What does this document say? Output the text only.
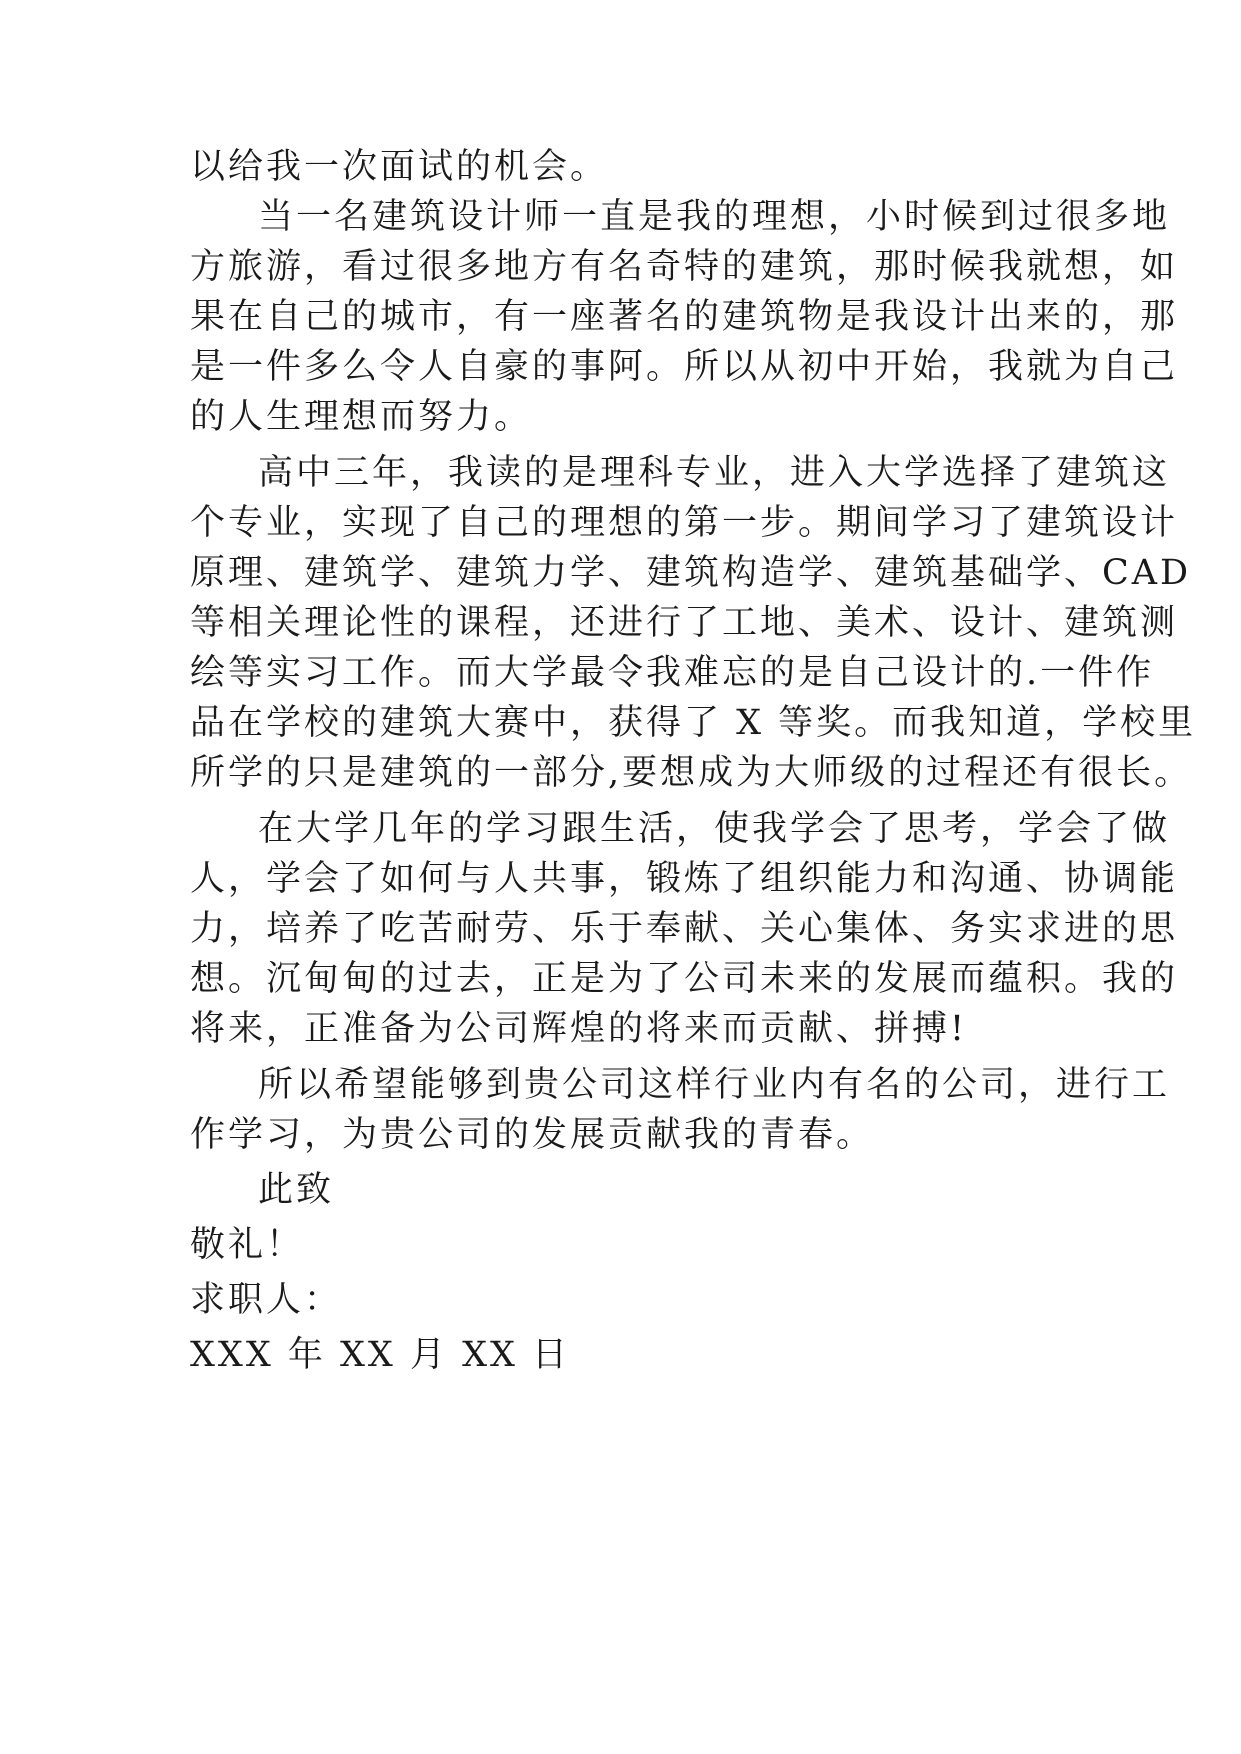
以给我一次面试的机会。
当一名建筑设计师一直是我的理想，小时候到过很多地
方旅游，看过很多地方有名奇特的建筑，那时候我就想，如
果在自己的城市，有一座著名的建筑物是我设计出来的，那
是一件多么令人自豪的事阿。所以从初中开始，我就为自己
的人生理想而努力。
高中三年，我读的是理科专业，进入大学选择了建筑这
个专业，实现了自己的理想的第一步。期间学习了建筑设计
原理、建筑学、建筑力学、建筑构造学、建筑基础学、CAD
等相关理论性的课程，还进行了工地、美术、设计、建筑测
绘等实习工作。而大学最令我难忘的是自己设计的.一件作
品在学校的建筑大赛中，获得了 X 等奖。而我知道，学校里
所学的只是建筑的一部分,要想成为大师级的过程还有很长。
在大学几年的学习跟生活，使我学会了思考，学会了做
人，学会了如何与人共事，锻炼了组织能力和沟通、协调能
力，培养了吃苦耐劳、乐于奉献、关心集体、务实求进的思
想。沉甸甸的过去，正是为了公司未来的发展而蕴积。我的
将来，正准备为公司辉煌的将来而贡献、拼搏!
所以希望能够到贵公司这样行业内有名的公司，进行工
作学习，为贵公司的发展贡献我的青春。
此致
敬礼！
求职人：
XXX 年 XX 月 XX 日
